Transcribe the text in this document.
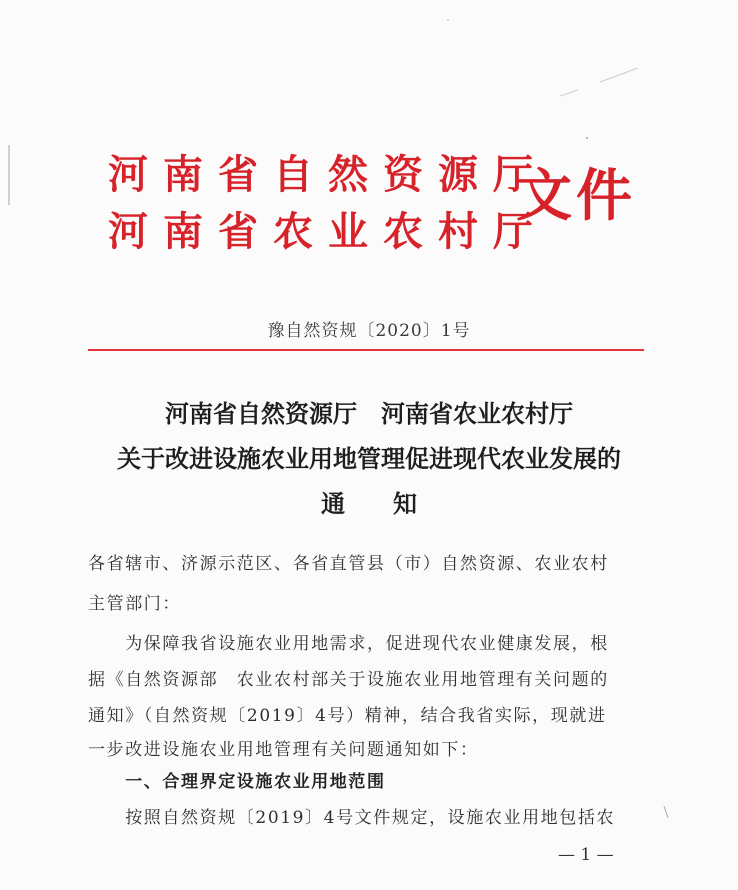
河南省自然资源厅
河南省农业农村厅
文件
豫自然资规〔2020〕1号
河南省自然资源厅　河南省农业农村厅
关于改进设施农业用地管理促进现代农业发展的
通　　知
各省辖市、济源示范区、各省直管县（市）自然资源、农业农村
主管部门：
　　为保障我省设施农业用地需求，促进现代农业健康发展，根
据《自然资源部　农业农村部关于设施农业用地管理有关问题的
通知》（自然资规〔2019〕4号）精神，结合我省实际，现就进
一步改进设施农业用地管理有关问题通知如下：
　　一、合理界定设施农业用地范围
　　按照自然资规〔2019〕4号文件规定，设施农业用地包括农
— 1 —
